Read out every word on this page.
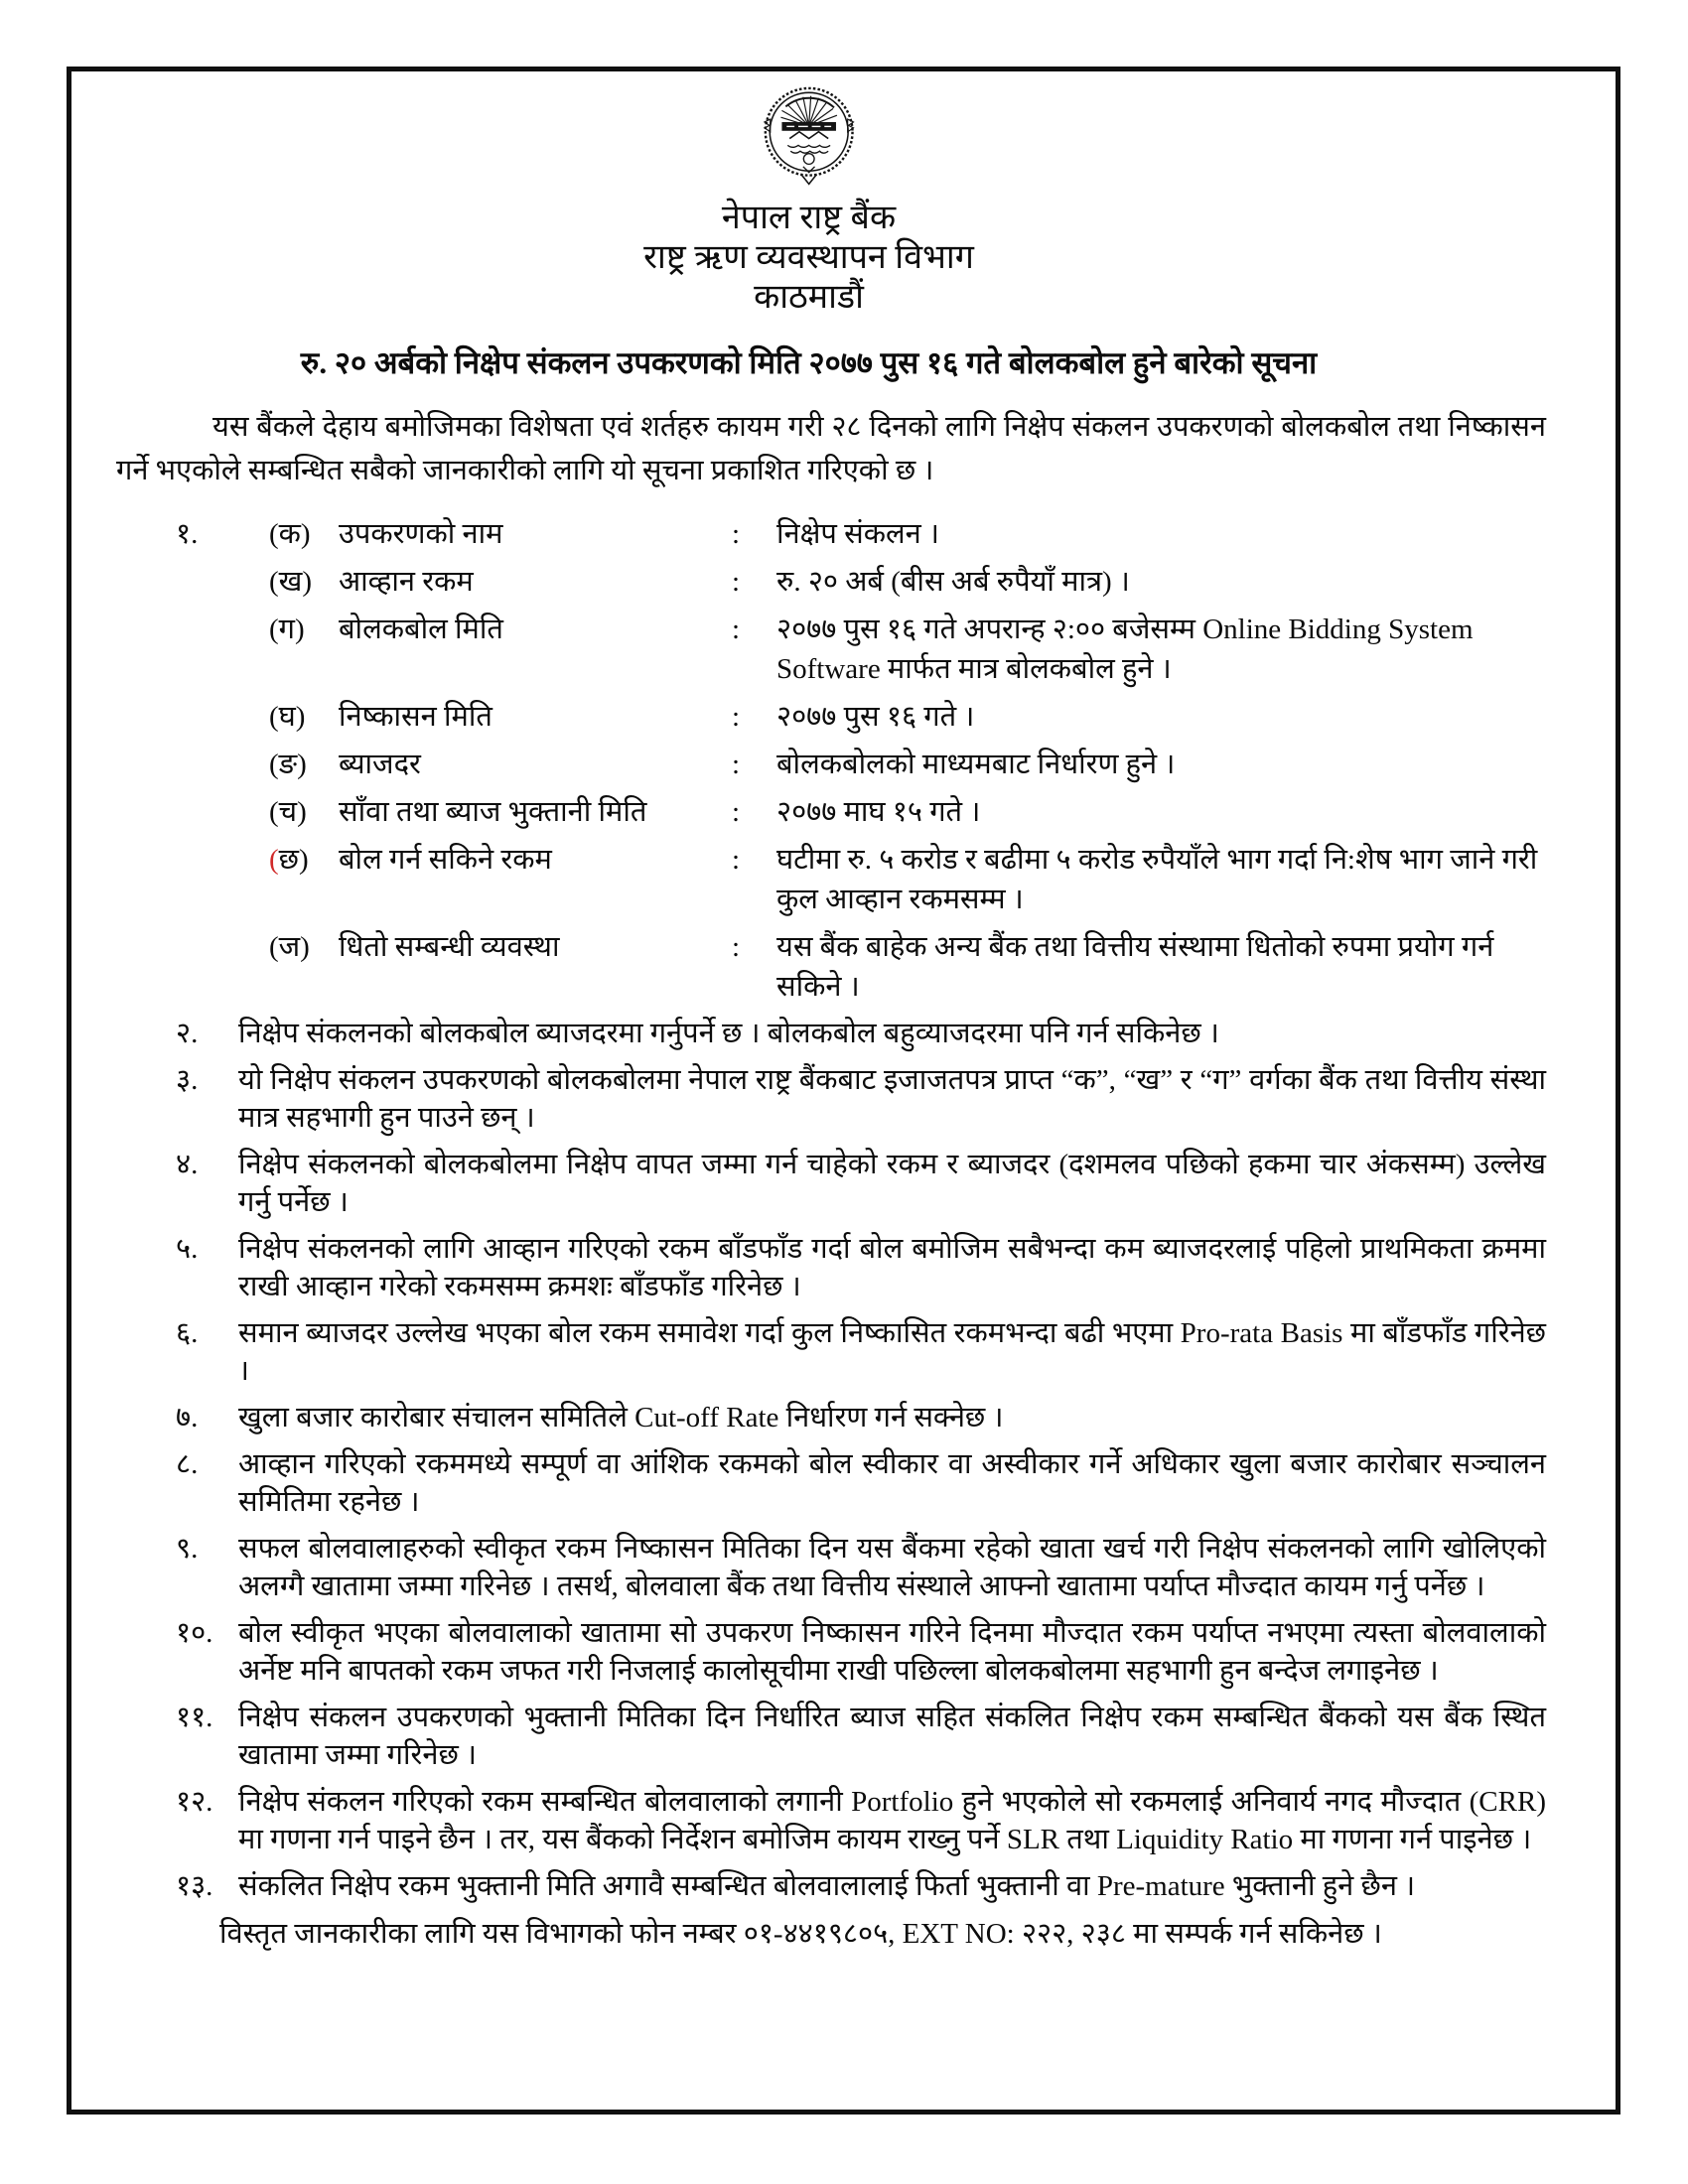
नेपाल राष्ट्र बैंक
राष्ट्र ऋण व्यवस्थापन विभाग
काठमाडौं
रु. २० अर्बको निक्षेप संकलन उपकरणको मिति २०७७ पुस १६ गते बोलकबोल हुने बारेको सूचना
यस बैंकले देहाय बमोजिमका विशेषता एवं शर्तहरु कायम गरी २८ दिनको लागि निक्षेप संकलन उपकरणको बोलकबोल तथा निष्कासन गर्ने भएकोले सम्बन्धित सबैको जानकारीको लागि यो सूचना प्रकाशित गरिएको छ ।
१. (क) उपकरणको नाम	:	निक्षेप संकलन ।
(ख) आव्हान रकम	:	रु. २० अर्ब (बीस अर्ब रुपैयाँ मात्र) ।
(ग)	बोलकबोल मिति	:	२०७७ पुस १६ गते अपरान्ह २:०० बजेसम्म Online Bidding System Software मार्फत मात्र बोलकबोल हुने ।
(घ)	निष्कासन मिति	:	२०७७ पुस १६ गते ।
(ङ)	ब्याजदर	:	बोलकबोलको माध्यमबाट निर्धारण हुने ।
(च)	साँवा तथा ब्याज भुक्तानी मिति	:	२०७७ माघ १५ गते ।
(छ)	बोल गर्न सकिने रकम	:	घटीमा रु. ५ करोड र बढीमा ५ करोड रुपैयाँले भाग गर्दा नि:शेष भाग जाने गरी कुल आव्हान रकमसम्म ।
(ज)	धितो सम्बन्धी व्यवस्था	:	यस बैंक बाहेक अन्य बैंक तथा वित्तीय संस्थामा धितोको रुपमा प्रयोग गर्न सकिने ।
२.	निक्षेप संकलनको बोलकबोल ब्याजदरमा गर्नुपर्ने छ । बोलकबोल बहुव्याजदरमा पनि गर्न सकिनेछ ।
३.	यो निक्षेप संकलन उपकरणको बोलकबोलमा नेपाल राष्ट्र बैंकबाट इजाजतपत्र प्राप्त “क”, “ख” र “ग” वर्गका बैंक तथा वित्तीय संस्था मात्र सहभागी हुन पाउने छन् ।
४.	निक्षेप संकलनको बोलकबोलमा निक्षेप वापत जम्मा गर्न चाहेको रकम र ब्याजदर (दशमलव पछिको हकमा चार अंकसम्म) उल्लेख गर्नु पर्नेछ ।
५.	निक्षेप संकलनको लागि आव्हान गरिएको रकम बाँडफाँड गर्दा बोल बमोजिम सबैभन्दा कम ब्याजदरलाई पहिलो प्राथमिकता क्रममा राखी आव्हान गरेको रकमसम्म क्रमशः बाँडफाँड गरिनेछ ।
६.	समान ब्याजदर उल्लेख भएका बोल रकम समावेश गर्दा कुल निष्कासित रकमभन्दा बढी भएमा Pro-rata Basis मा बाँडफाँड गरिनेछ ।
७.	खुला बजार कारोबार संचालन समितिले Cut-off Rate निर्धारण गर्न सक्नेछ ।
८.	आव्हान गरिएको रकममध्ये सम्पूर्ण वा आंशिक रकमको बोल स्वीकार वा अस्वीकार गर्ने अधिकार खुला बजार कारोबार सञ्चालन समितिमा रहनेछ ।
९.	सफल बोलवालाहरुको स्वीकृत रकम निष्कासन मितिका दिन यस बैंकमा रहेको खाता खर्च गरी निक्षेप संकलनको लागि खोलिएको अलग्गै खातामा जम्मा गरिनेछ । तसर्थ, बोलवाला बैंक तथा वित्तीय संस्थाले आफ्नो खातामा पर्याप्त मौज्दात कायम गर्नु पर्नेछ ।
१०. बोल स्वीकृत भएका बोलवालाको खातामा सो उपकरण निष्कासन गरिने दिनमा मौज्दात रकम पर्याप्त नभएमा त्यस्ता बोलवालाको अर्नेष्ट मनि बापतको रकम जफत गरी निजलाई कालोसूचीमा राखी पछिल्ला बोलकबोलमा सहभागी हुन बन्देज लगाइनेछ ।
११. निक्षेप संकलन उपकरणको भुक्तानी मितिका दिन निर्धारित ब्याज सहित संकलित निक्षेप रकम सम्बन्धित बैंकको यस बैंक स्थित खातामा जम्मा गरिनेछ ।
१२. निक्षेप संकलन गरिएको रकम सम्बन्धित बोलवालाको लगानी Portfolio हुने भएकोले सो रकमलाई अनिवार्य नगद मौज्दात (CRR) मा गणना गर्न पाइने छैन । तर, यस बैंकको निर्देशन बमोजिम कायम राख्नु पर्ने SLR तथा Liquidity Ratio मा गणना गर्न पाइनेछ ।
१३. संकलित निक्षेप रकम भुक्तानी मिति अगावै सम्बन्धित बोलवालालाई फिर्ता भुक्तानी वा Pre-mature भुक्तानी हुने छैन ।
विस्तृत जानकारीका लागि यस विभागको फोन नम्बर ०१-४४१९८०५, EXT NO: २२२, २३८ मा सम्पर्क गर्न सकिनेछ ।
